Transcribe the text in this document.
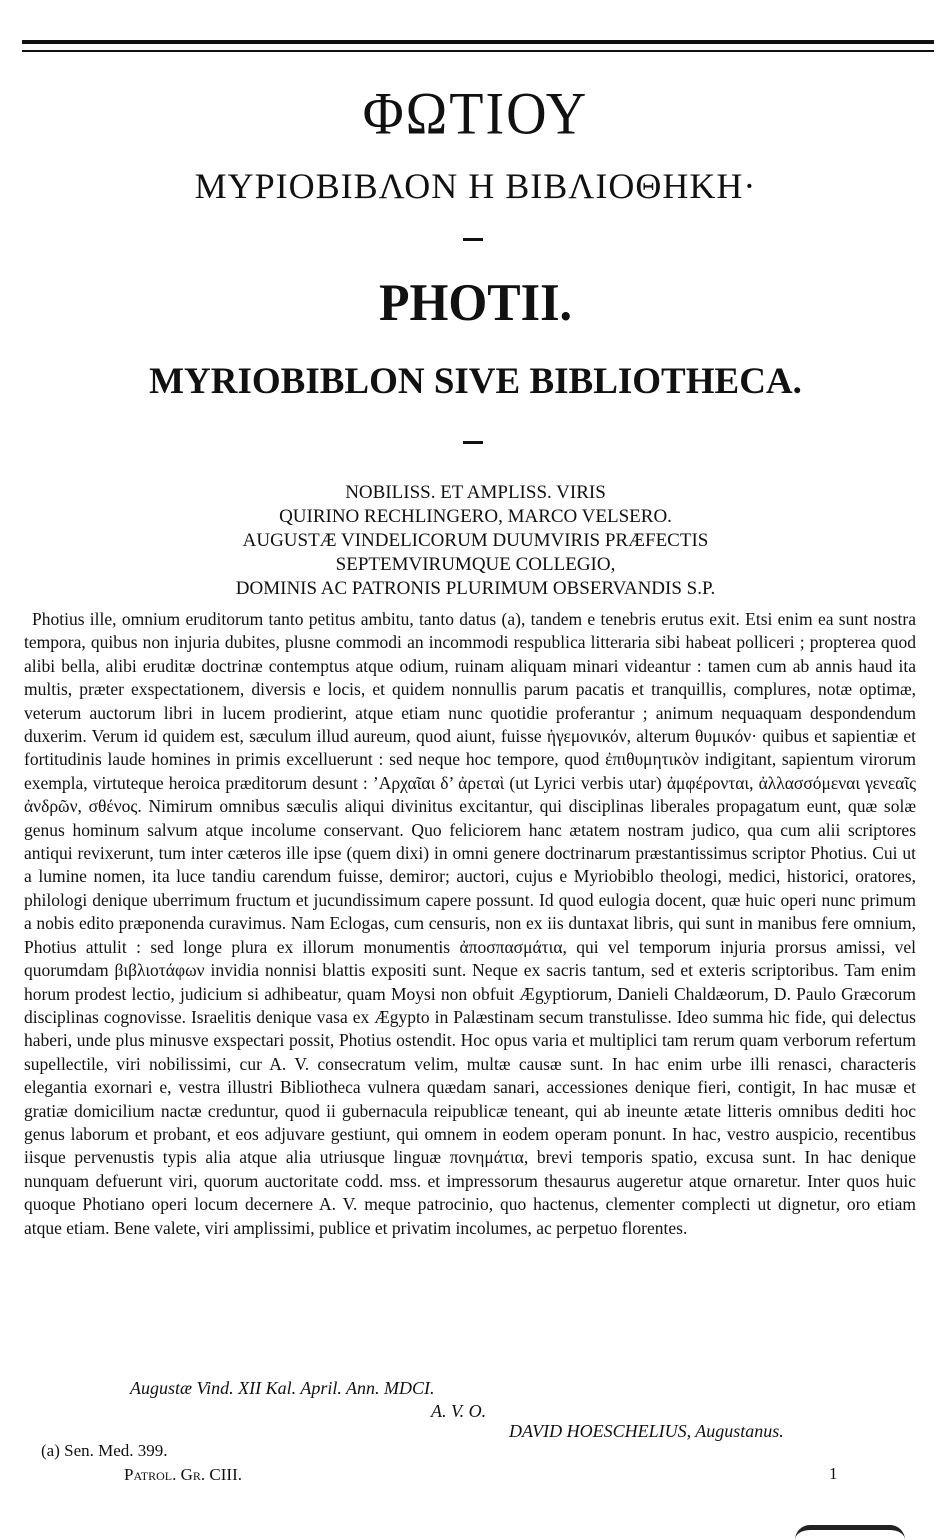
ΦΩΤΙΟΥ
ΜΥΡΙΟΒΙΒΛΟΝ Η ΒΙΒΛΙΟΘΗΚΗ·
PHOTII.
MYRIOBIBLON SIVE BIBLIOTHECA.
NOBILISS. ET AMPLISS. VIRIS
QUIRINO RECHLINGERO, MARCO VELSERO.
AUGUSTÆ VINDELICORUM DUUMVIRIS PRÆFECTIS
SEPTEMVIRUMQUE COLLEGIO,
DOMINIS AC PATRONIS PLURIMUM OBSERVANDIS S.P.

Photius ille, omnium eruditorum tanto petitus ambitu, tanto datus (a), tandem e tenebris erutus exit. Etsi enim ea sunt nostra tempora, quibus non injuria dubites, plusne commodi an incommodi respublica litteraria sibi habeat polliceri ; propterea quod alibi bella, alibi eruditæ doctrinæ contemptus atque odium, ruinam aliquam minari videantur : tamen cum ab annis haud ita multis, præter exspectationem, diversis e locis, et quidem nonnullis parum pacatis et tranquillis, complures, notæ optimæ, veterum auctorum libri in lucem prodierint, atque etiam nunc quotidie proferantur ; animum nequaquam despondendum duxerim. Verum id quidem est, sæculum illud aureum, quod aiunt, fuisse ἡγεμονικόν, alterum θυμικόν· quibus et sapientiæ et fortitudinis laude homines in primis excelluerunt : sed neque hoc tempore, quod ἐπιθυμητικὸν indigitant, sapientum virorum exempla, virtuteque heroica præditorum desunt : ’Αρχαῖαι δ’ ἀρεταὶ (ut Lyrici verbis utar) ἀμφέρονται, ἀλλασσόμεναι γενεαῖς ἀνδρῶν, σθένος. Nimirum omnibus sæculis aliqui divinitus excitantur, qui disciplinas liberales propagatum eunt, quæ solæ genus hominum salvum atque incolume conservant. Quo feliciorem hanc ætatem nostram judico, qua cum alii scriptores antiqui revixerunt, tum inter cæteros ille ipse (quem dixi) in omni genere doctrinarum præstantissimus scriptor Photius. Cui ut a lumine nomen, ita luce tandiu carendum fuisse, demiror; auctori, cujus e Myriobiblo theologi, medici, historici, oratores, philologi denique uberrimum fructum et jucundissimum capere possunt. Id quod eulogia docent, quæ huic operi nunc primum a nobis edito præponenda curavimus. Nam Eclogas, cum censuris, non ex iis duntaxat libris, qui sunt in manibus fere omnium, Photius attulit : sed longe plura ex illorum monumentis ἀποσπασμάτια, qui vel temporum injuria prorsus amissi, vel quorumdam βιβλιοτάφων invidia nonnisi blattis expositi sunt. Neque ex sacris tantum, sed et exteris scriptoribus. Tam enim horum prodest lectio, judicium si adhibeatur, quam Moysi non obfuit Ægyptiorum, Danieli Chaldæorum, D. Paulo Græcorum disciplinas cognovisse. Israelitis denique vasa ex Ægypto in Palæstinam secum transtulisse. Ideo summa hic fide, qui delectus haberi, unde plus minusve exspectari possit, Photius ostendit. Hoc opus varia et multiplici tam rerum quam verborum refertum supellectile, viri nobilissimi, cur A. V. consecratum velim, multæ causæ sunt. In hac enim urbe illi renasci, characteris elegantia exornari e, vestra illustri Bibliotheca vulnera quædam sanari, accessiones denique fieri, contigit, In hac musæ et gratiæ domicilium nactæ creduntur, quod ii gubernacula reipublicæ teneant, qui ab ineunte ætate litteris omnibus dediti hoc genus laborum et probant, et eos adjuvare gestiunt, qui omnem in eodem operam ponunt. In hac, vestro auspicio, recentibus iisque pervenustis typis alia atque alia utriusque linguæ πονημάτια, brevi temporis spatio, excusa sunt. In hac denique nunquam defuerunt viri, quorum auctoritate codd. mss. et impressorum thesaurus augeretur atque ornaretur. Inter quos huic quoque Photiano operi locum decernere A. V. meque patrocinio, quo hactenus, clementer complecti ut dignetur, oro etiam atque etiam. Bene valete, viri amplissimi, publice et privatim incolumes, ac perpetuo florentes.

Augustæ Vind. XII Kal. April. Ann. MDCI.
A. V. O.
DAVID HOESCHELIUS, Augustanus.
(a) Sen. Med. 399.
Patrol. Gr. CIII.	1
